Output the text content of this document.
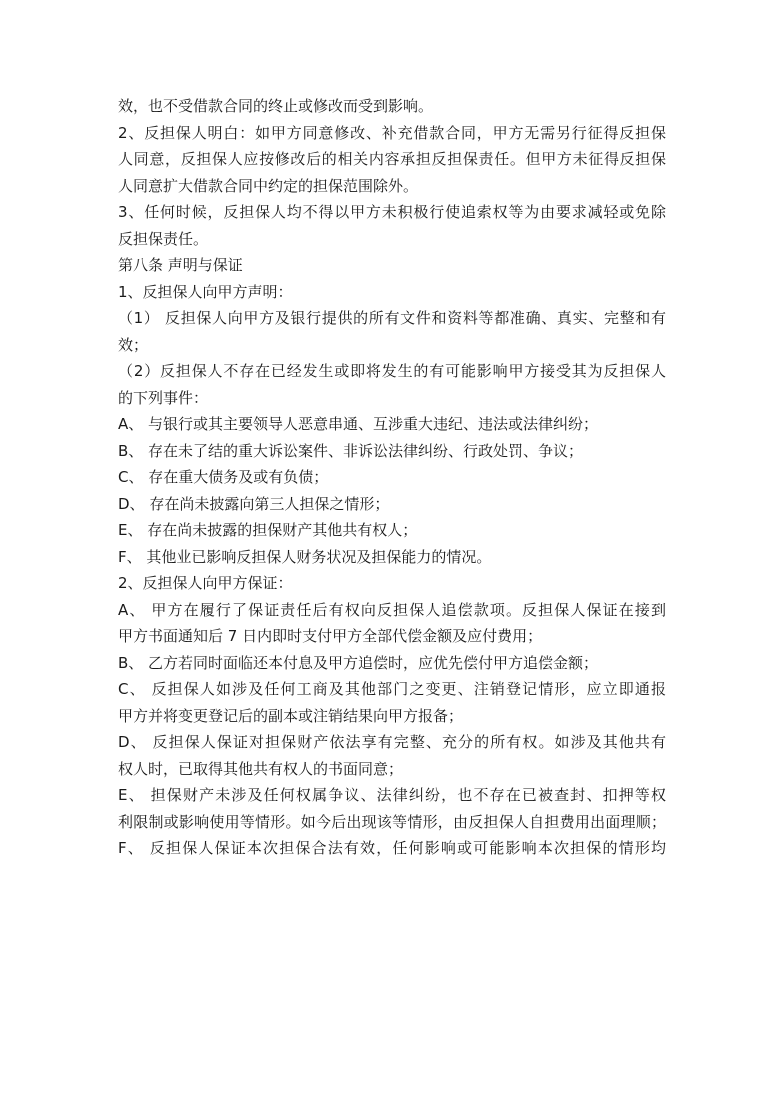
效，也不受借款合同的终止或修改而受到影响。
2、反担保人明白：如甲方同意修改、补充借款合同，甲方无需另行征得反担保
人同意，反担保人应按修改后的相关内容承担反担保责任。但甲方未征得反担保
人同意扩大借款合同中约定的担保范围除外。
3、任何时候，反担保人均不得以甲方未积极行使追索权等为由要求减轻或免除
反担保责任。
第八条 声明与保证
1、反担保人向甲方声明：
（1） 反担保人向甲方及银行提供的所有文件和资料等都准确、真实、完整和有
效；
（2）反担保人不存在已经发生或即将发生的有可能影响甲方接受其为反担保人
的下列事件：
A、 与银行或其主要领导人恶意串通、互涉重大违纪、违法或法律纠纷；
B、 存在未了结的重大诉讼案件、非诉讼法律纠纷、行政处罚、争议；
C、 存在重大债务及或有负债；
D、 存在尚未披露向第三人担保之情形；
E、 存在尚未披露的担保财产其他共有权人；
F、 其他业已影响反担保人财务状况及担保能力的情况。
2、反担保人向甲方保证：
A、 甲方在履行了保证责任后有权向反担保人追偿款项。反担保人保证在接到
甲方书面通知后 7 日内即时支付甲方全部代偿金额及应付费用；
B、 乙方若同时面临还本付息及甲方追偿时，应优先偿付甲方追偿金额；
C、 反担保人如涉及任何工商及其他部门之变更、注销登记情形，应立即通报
甲方并将变更登记后的副本或注销结果向甲方报备；
D、 反担保人保证对担保财产依法享有完整、充分的所有权。如涉及其他共有
权人时，已取得其他共有权人的书面同意；
E、 担保财产未涉及任何权属争议、法律纠纷，也不存在已被查封、扣押等权
利限制或影响使用等情形。如今后出现该等情形，由反担保人自担费用出面理顺；
F、 反担保人保证本次担保合法有效，任何影响或可能影响本次担保的情形均
